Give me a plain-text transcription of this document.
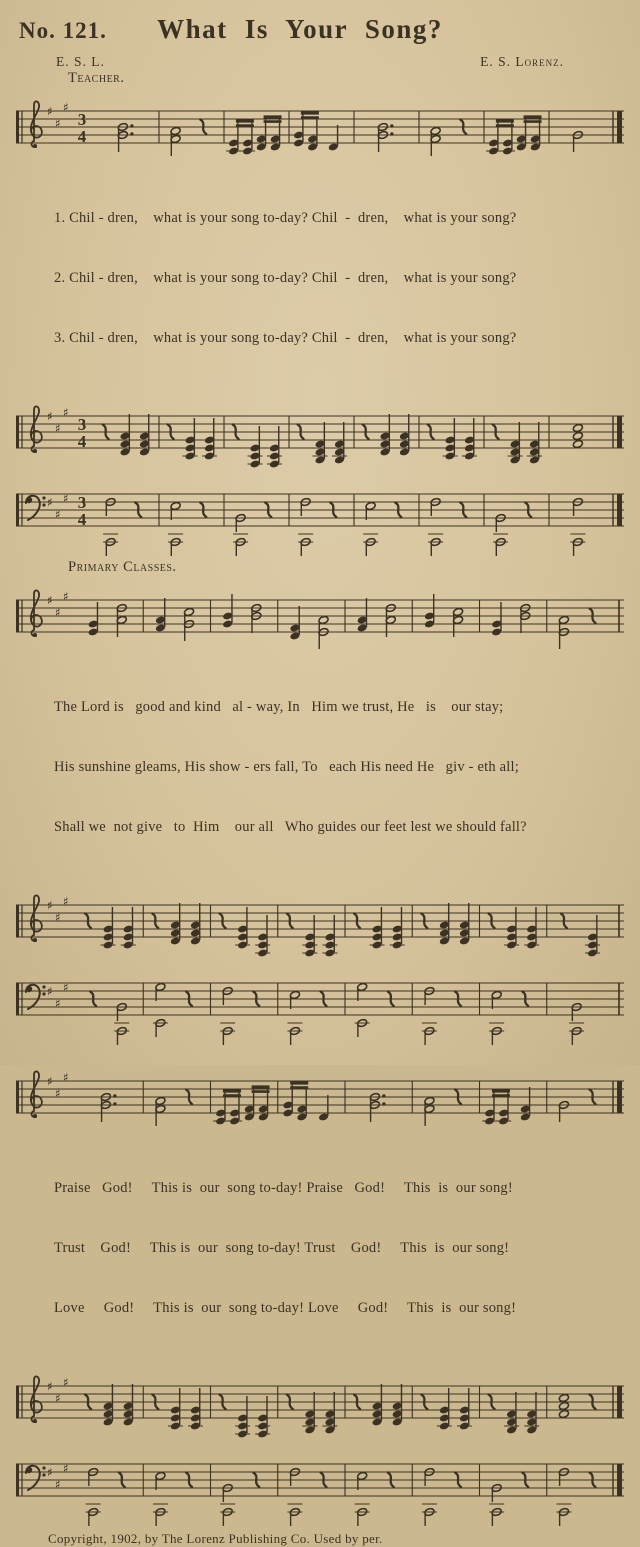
No. 121.	What Is Your Song?
E. S. L.	E. S. Lorenz.
Teacher.
♯
♯
♯
3
4

1. Chil - dren,    what is your song to-day? Chil  -  dren,    what is your song?

2. Chil - dren,    what is your song to-day? Chil  -  dren,    what is your song?

3. Chil - dren,    what is your song to-day? Chil  -  dren,    what is your song?

♯
♯
♯
3
4
♯
♯
♯ 3
4
Primary Classes.
♯
♯
♯

The Lord is   good and kind   al - way, In   Him we trust, He   is    our stay;

His sunshine gleams, His show - ers fall, To   each His need He   giv - eth all;

Shall we  not give   to  Him    our all   Who guides our feet lest we should fall?

♯
♯
♯
♯
♯
♯
♯
♯
♯

Praise   God!     This is  our  song to-day! Praise   God!     This  is  our song!

Trust    God!     This is  our  song to-day! Trust    God!     This  is  our song!

Love     God!     This is  our  song to-day! Love     God!     This  is  our song!

♯
♯
♯
♯
♯
♯
Copyright, 1902, by The Lorenz Publishing Co. Used by per.
